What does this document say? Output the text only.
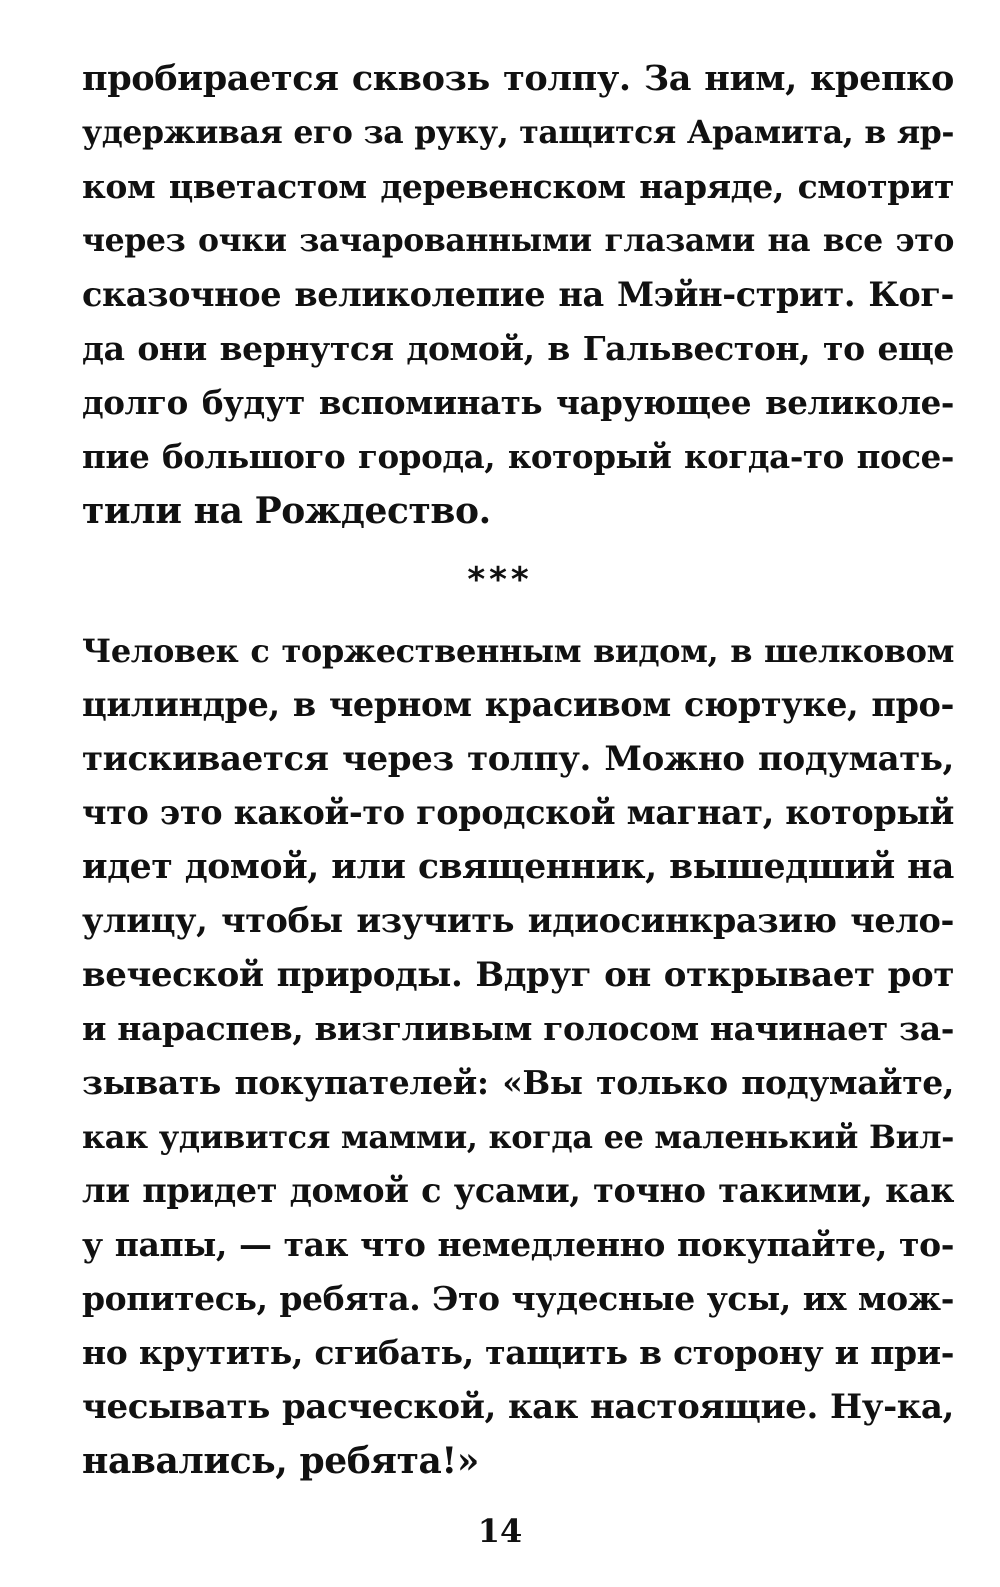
пробирается сквозь толпу. За ним, крепко
удерживая его за руку, тащится Арамита, в яр-
ком цветастом деревенском наряде, смотрит
через очки зачарованными глазами на все это
сказочное великолепие на Мэйн-стрит. Ког-
да они вернутся домой, в Гальвестон, то еще
долго будут вспоминать чарующее великоле-
пие большого города, который когда-то посе-
тили на Рождество.
***
Человек с торжественным видом, в шелковом
цилиндре, в черном красивом сюртуке, про-
тискивается через толпу. Можно подумать,
что это какой-то городской магнат, который
идет домой, или священник, вышедший на
улицу, чтобы изучить идиосинкразию чело-
веческой природы. Вдруг он открывает рот
и нараспев, визгливым голосом начинает за-
зывать покупателей: «Вы только подумайте,
как удивится мамми, когда ее маленький Вил-
ли придет домой с усами, точно такими, как
у папы, — так что немедленно покупайте, то-
ропитесь, ребята. Это чудесные усы, их мож-
но крутить, сгибать, тащить в сторону и при-
чесывать расческой, как настоящие. Ну-ка,
навались, ребята!»
14
